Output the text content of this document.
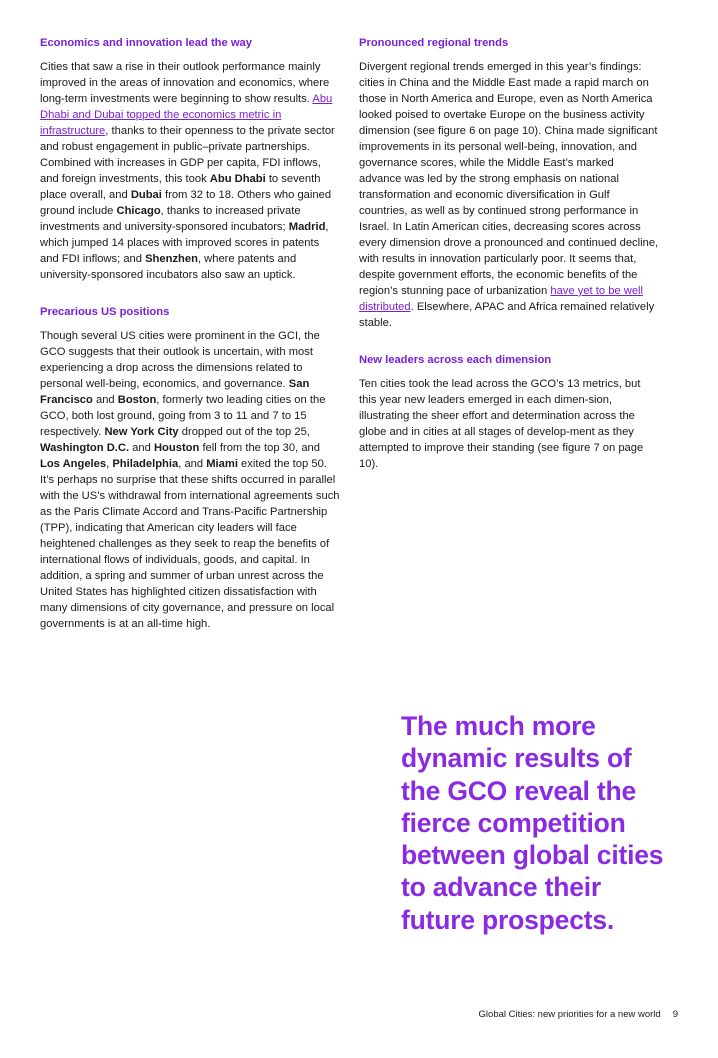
Economics and innovation lead the way

Cities that saw a rise in their outlook performance mainly improved in the areas of innovation and economics, where long-term investments were beginning to show results. Abu Dhabi and Dubai topped the economics metric in infrastructure, thanks to their openness to the private sector and robust engagement in public–private partnerships. Combined with increases in GDP per capita, FDI inflows, and foreign investments, this took Abu Dhabi to seventh place overall, and Dubai from 32 to 18. Others who gained ground include Chicago, thanks to increased private investments and university-sponsored incubators; Madrid, which jumped 14 places with improved scores in patents and FDI inflows; and Shenzhen, where patents and university-sponsored incubators also saw an uptick.

Precarious US positions

Though several US cities were prominent in the GCI, the GCO suggests that their outlook is uncertain, with most experiencing a drop across the dimensions related to personal well-being, economics, and governance. San Francisco and Boston, formerly two leading cities on the GCO, both lost ground, going from 3 to 11 and 7 to 15 respectively. New York City dropped out of the top 25, Washington D.C. and Houston fell from the top 30, and Los Angeles, Philadelphia, and Miami exited the top 50. It’s perhaps no surprise that these shifts occurred in parallel with the US’s withdrawal from international agreements such as the Paris Climate Accord and Trans-Pacific Partnership (TPP), indicating that American city leaders will face heightened challenges as they seek to reap the benefits of international flows of individuals, goods, and capital. In addition, a spring and summer of urban unrest across the United States has highlighted citizen dissatisfaction with many dimensions of city governance, and pressure on local governments is at an all-time high.

Pronounced regional trends

Divergent regional trends emerged in this year’s findings: cities in China and the Middle East made a rapid march on those in North America and Europe, even as North America looked poised to overtake Europe on the business activity dimension (see figure 6 on page 10). China made significant improvements in its personal well-being, innovation, and governance scores, while the Middle East’s marked advance was led by the strong emphasis on national transformation and economic diversification in Gulf countries, as well as by continued strong performance in Israel. In Latin American cities, decreasing scores across every dimension drove a pronounced and continued decline, with results in innovation particularly poor. It seems that, despite government efforts, the economic benefits of the region’s stunning pace of urbanization have yet to be well distributed. Elsewhere, APAC and Africa remained relatively stable.

New leaders across each dimension

Ten cities took the lead across the GCO’s 13 metrics, but this year new leaders emerged in each dimen-sion, illustrating the sheer effort and determination across the globe and in cities at all stages of develop-ment as they attempted to improve their standing (see figure 7 on page 10).

The much more dynamic results of the GCO reveal the fierce competition between global cities to advance their future prospects.
Global Cities: new priorities for a new world 9
